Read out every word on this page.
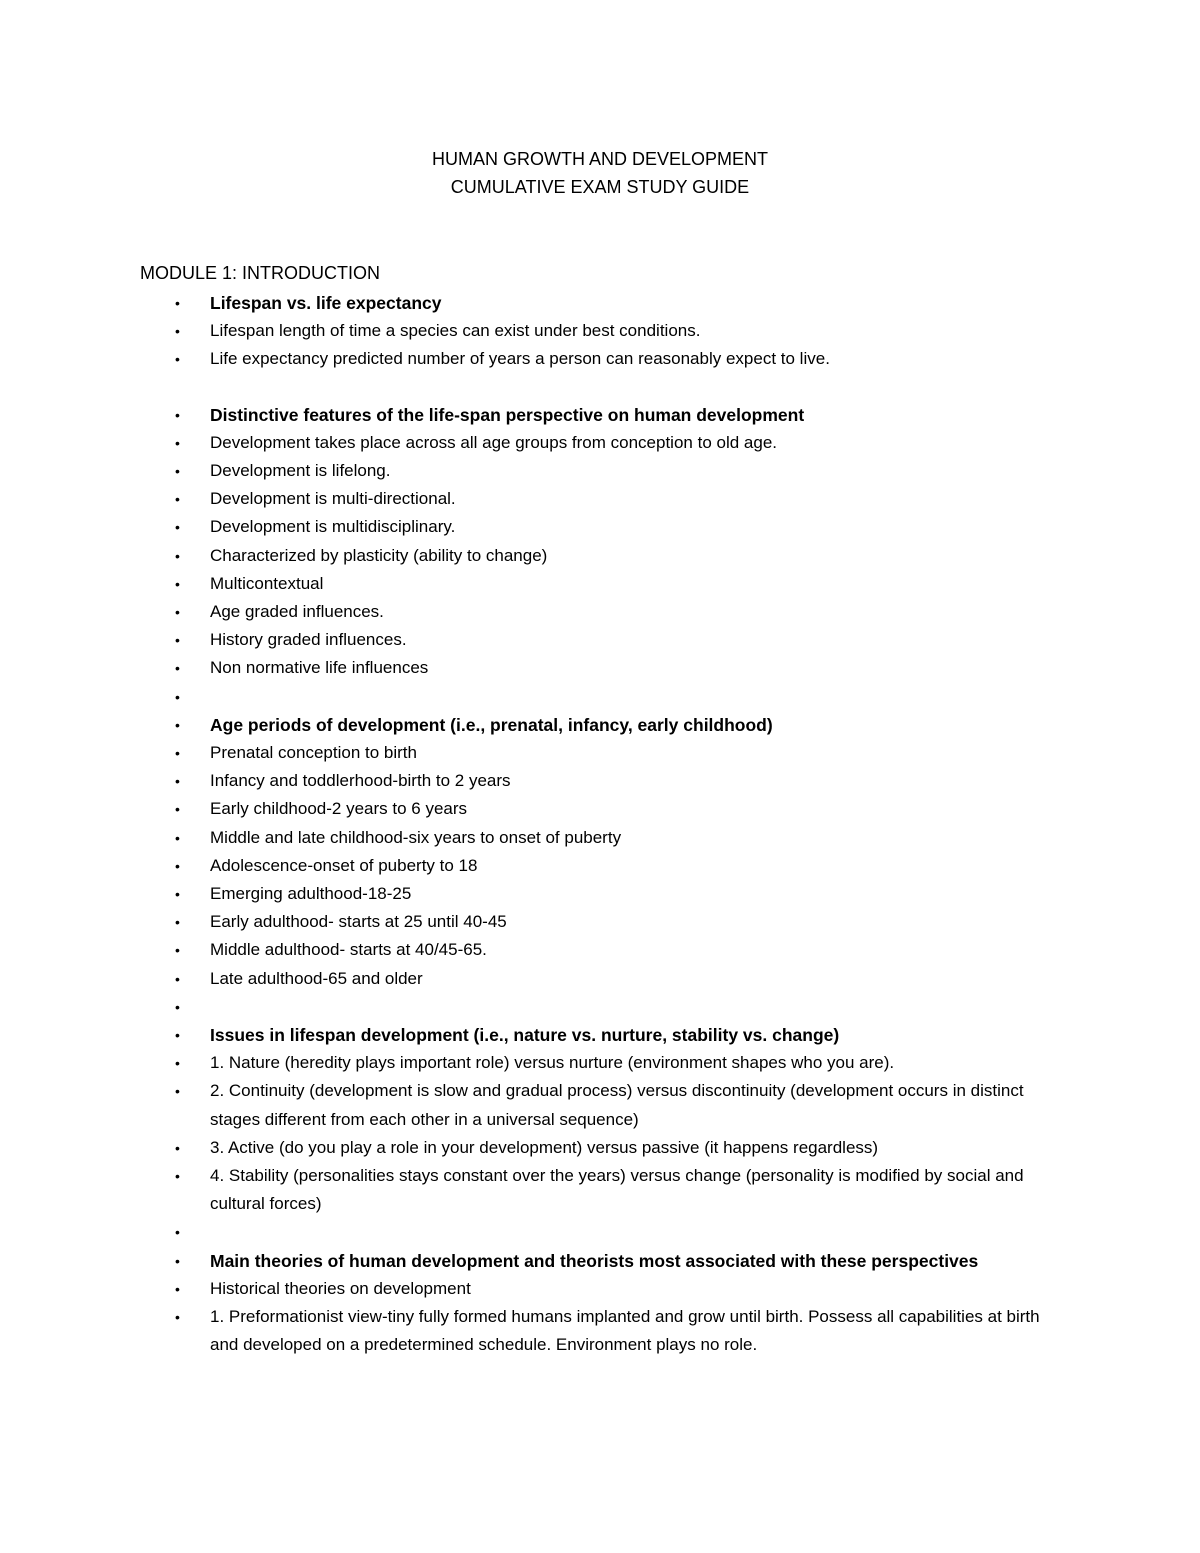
HUMAN GROWTH AND DEVELOPMENT
CUMULATIVE EXAM STUDY GUIDE
MODULE 1: INTRODUCTION
• Lifespan vs. life expectancy
• Lifespan length of time a species can exist under best conditions.
• Life expectancy predicted number of years a person can reasonably expect to live.
• Distinctive features of the life-span perspective on human development
• Development takes place across all age groups from conception to old age.
• Development is lifelong.
• Development is multi-directional.
• Development is multidisciplinary.
• Characterized by plasticity (ability to change)
• Multicontextual
• Age graded influences.
• History graded influences.
• Non normative life influences
•
• Age periods of development (i.e., prenatal, infancy, early childhood)
• Prenatal conception to birth
• Infancy and toddlerhood-birth to 2 years
• Early childhood-2 years to 6 years
• Middle and late childhood-six years to onset of puberty
• Adolescence-onset of puberty to 18
• Emerging adulthood-18-25
• Early adulthood- starts at 25 until 40-45
• Middle adulthood- starts at 40/45-65.
• Late adulthood-65 and older
•
• Issues in lifespan development (i.e., nature vs. nurture, stability vs. change)
• 1. Nature (heredity plays important role) versus nurture (environment shapes who you are).
• 2. Continuity (development is slow and gradual process) versus discontinuity (development occurs in distinct stages different from each other in a universal sequence)
• 3. Active (do you play a role in your development) versus passive (it happens regardless)
• 4. Stability (personalities stays constant over the years) versus change (personality is modified by social and cultural forces)
•
• Main theories of human development and theorists most associated with these perspectives
• Historical theories on development
• 1. Preformationist view-tiny fully formed humans implanted and grow until birth. Possess all capabilities at birth and developed on a predetermined schedule. Environment plays no role.
